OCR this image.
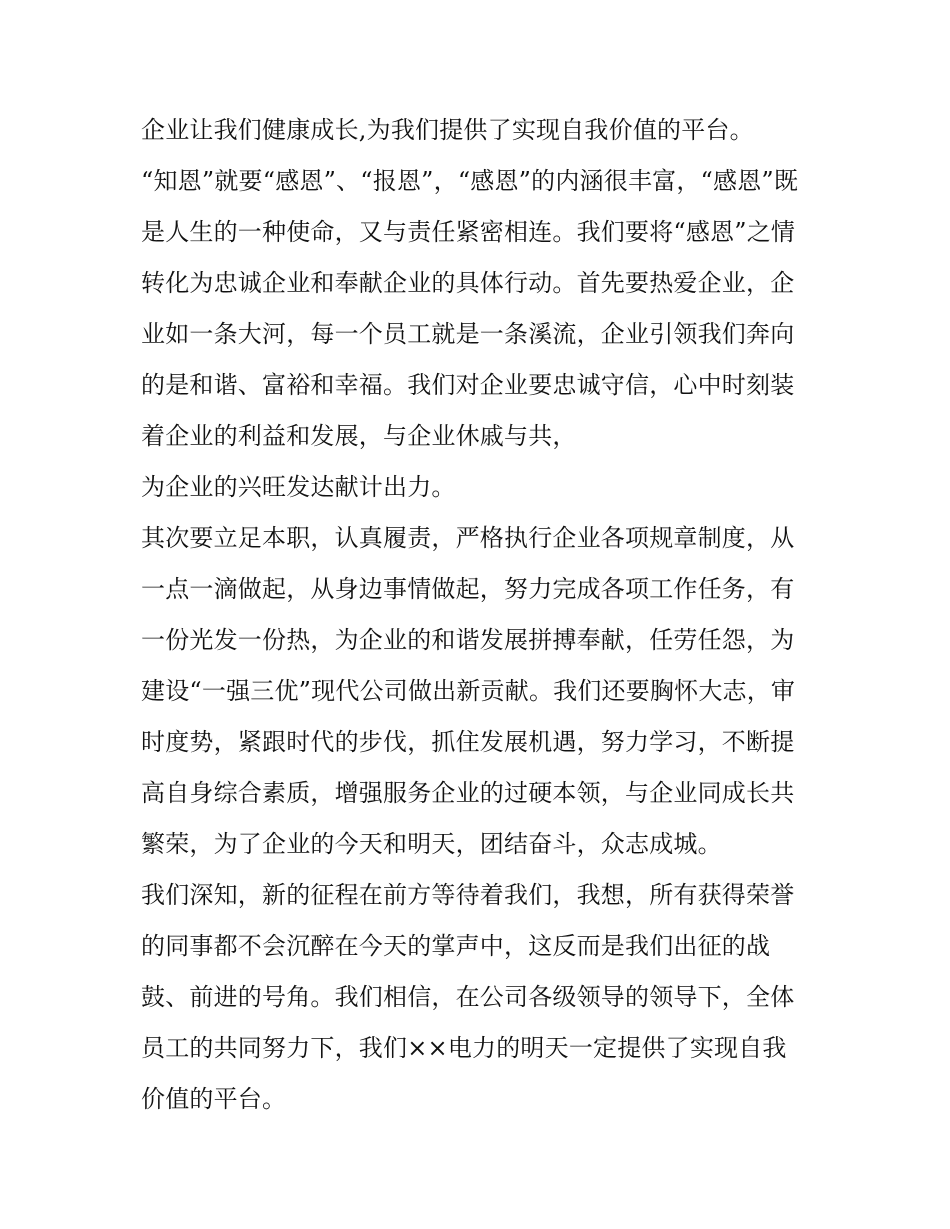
企业让我们健康成长,为我们提供了实现自我价值的平台。
“知恩”就要“感恩”、“报恩”，“感恩”的内涵很丰富，“感恩”既
是人生的一种使命，又与责任紧密相连。我们要将“感恩”之情
转化为忠诚企业和奉献企业的具体行动。首先要热爱企业，企
业如一条大河，每一个员工就是一条溪流，企业引领我们奔向
的是和谐、富裕和幸福。我们对企业要忠诚守信，心中时刻装
着企业的利益和发展，与企业休戚与共，
为企业的兴旺发达献计出力。
其次要立足本职，认真履责，严格执行企业各项规章制度，从
一点一滴做起，从身边事情做起，努力完成各项工作任务，有
一份光发一份热，为企业的和谐发展拼搏奉献，任劳任怨，为
建设“一强三优”现代公司做出新贡献。我们还要胸怀大志，审
时度势，紧跟时代的步伐，抓住发展机遇，努力学习，不断提
高自身综合素质，增强服务企业的过硬本领，与企业同成长共
繁荣，为了企业的今天和明天，团结奋斗，众志成城。
我们深知，新的征程在前方等待着我们，我想，所有获得荣誉
的同事都不会沉醉在今天的掌声中，这反而是我们出征的战
鼓、前进的号角。我们相信，在公司各级领导的领导下，全体
员工的共同努力下，我们××电力的明天一定提供了实现自我
价值的平台。
